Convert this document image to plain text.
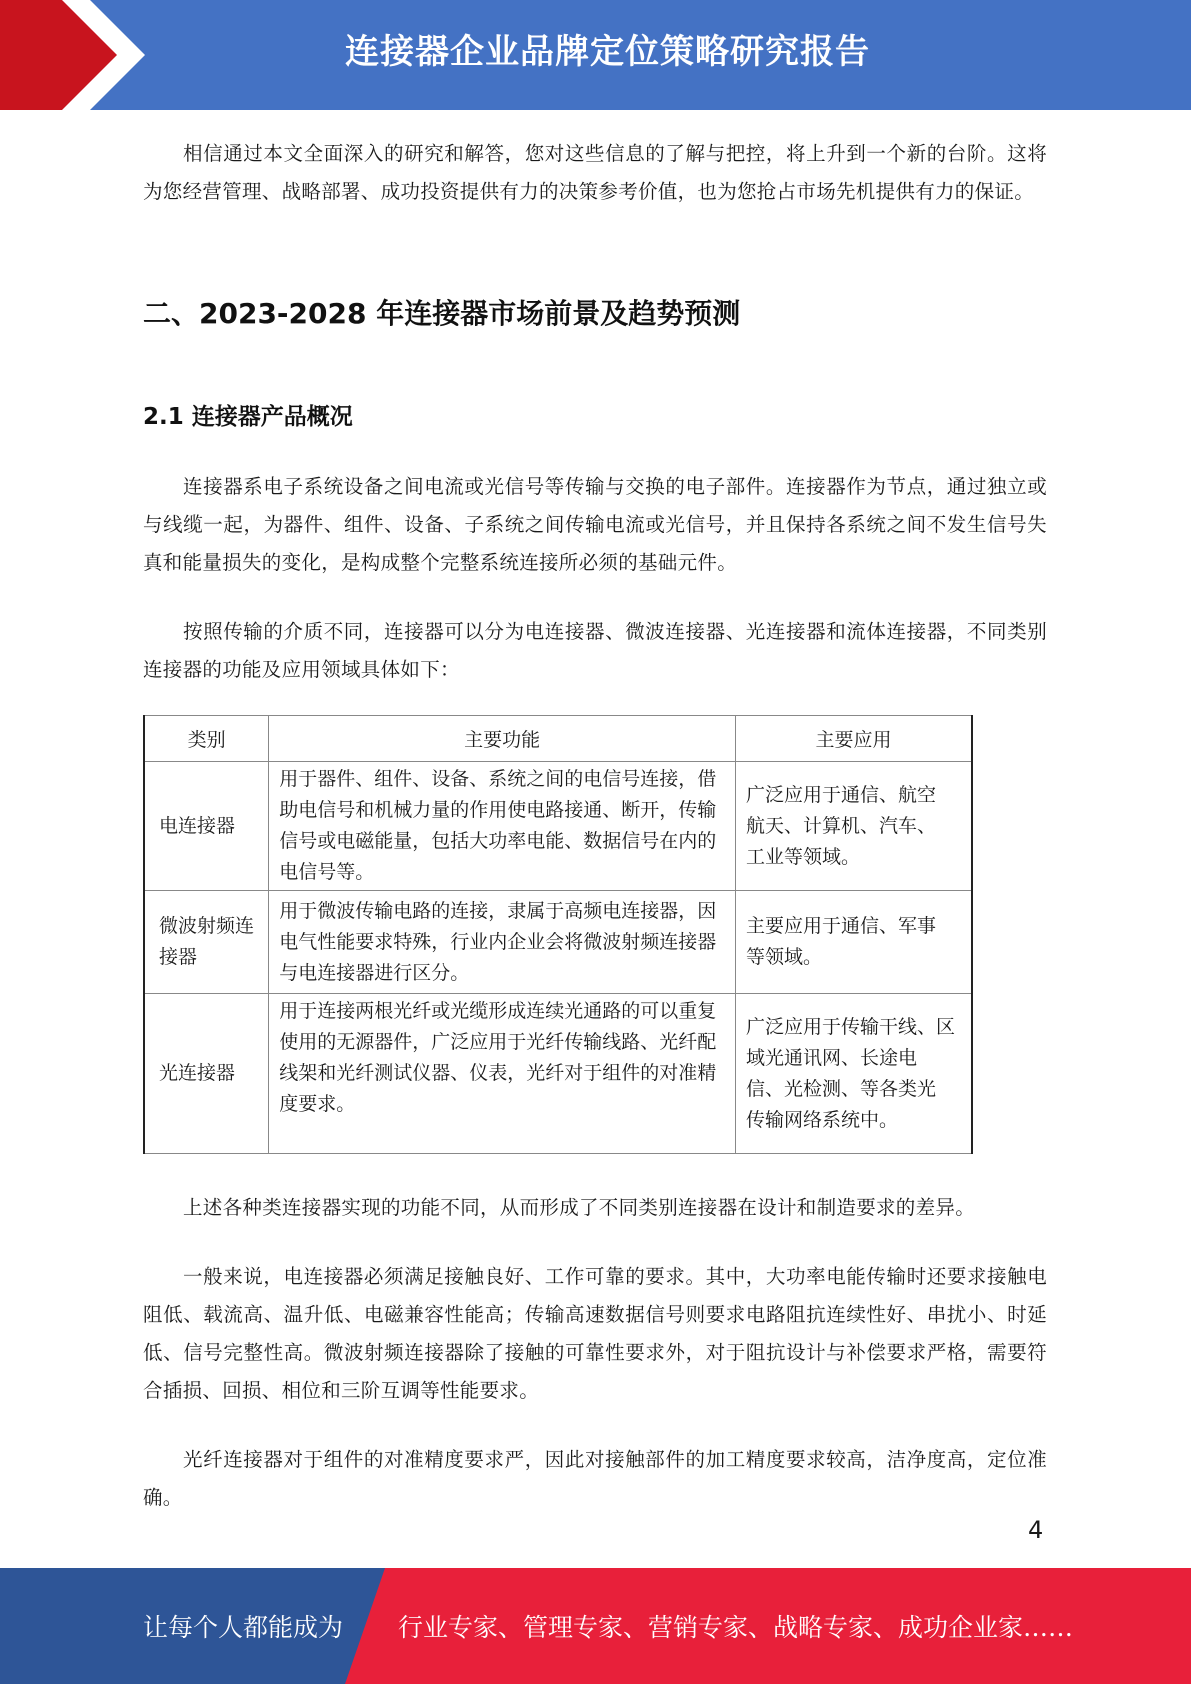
连接器企业品牌定位策略研究报告

相信通过本文全面深入的研究和解答，您对这些信息的了解与把控，将上升到一个新的台阶。这将为您经营管理、战略部署、成功投资提供有力的决策参考价值，也为您抢占市场先机提供有力的保证。

二、2023-2028 年连接器市场前景及趋势预测
2.1 连接器产品概况

连接器系电子系统设备之间电流或光信号等传输与交换的电子部件。连接器作为节点，通过独立或与线缆一起，为器件、组件、设备、子系统之间传输电流或光信号，并且保持各系统之间不发生信号失真和能量损失的变化，是构成整个完整系统连接所必须的基础元件。

按照传输的介质不同，连接器可以分为电连接器、微波连接器、光连接器和流体连接器，不同类别连接器的功能及应用领域具体如下：

类别	主要功能	主要应用
电连接器	用于器件、组件、设备、系统之间的电信号连接，借助电信号和机械力量的作用使电路接通、断开，传输信号或电磁能量，包括大功率电能、数据信号在内的电信号等。	广泛应用于通信、航空 航天、计算机、汽车、 工业等领域。
微波射频连接器	用于微波传输电路的连接，隶属于高频电连接器，因电气性能要求特殊，行业内企业会将微波射频连接器与电连接器进行区分。	主要应用于通信、军事 等领域。
光连接器	用于连接两根光纤或光缆形成连续光通路的可以重复使用的无源器件，广泛应用于光纤传输线路、光纤配线架和光纤测试仪器、仪表，光纤对于组件的对准精度要求。	广泛应用于传输干线、区域光通讯网、长途电 信、光检测、等各类光 传输网络系统中。

上述各种类连接器实现的功能不同，从而形成了不同类别连接器在设计和制造要求的差异。

一般来说，电连接器必须满足接触良好、工作可靠的要求。其中，大功率电能传输时还要求接触电阻低、载流高、温升低、电磁兼容性能高；传输高速数据信号则要求电路阻抗连续性好、串扰小、时延低、信号完整性高。微波射频连接器除了接触的可靠性要求外，对于阻抗设计与补偿要求严格，需要符合插损、回损、相位和三阶互调等性能要求。

光纤连接器对于组件的对准精度要求严，因此对接触部件的加工精度要求较高，洁净度高，定位准确。

4
让每个人都能成为 行业专家、管理专家、营销专家、战略专家、成功企业家……
